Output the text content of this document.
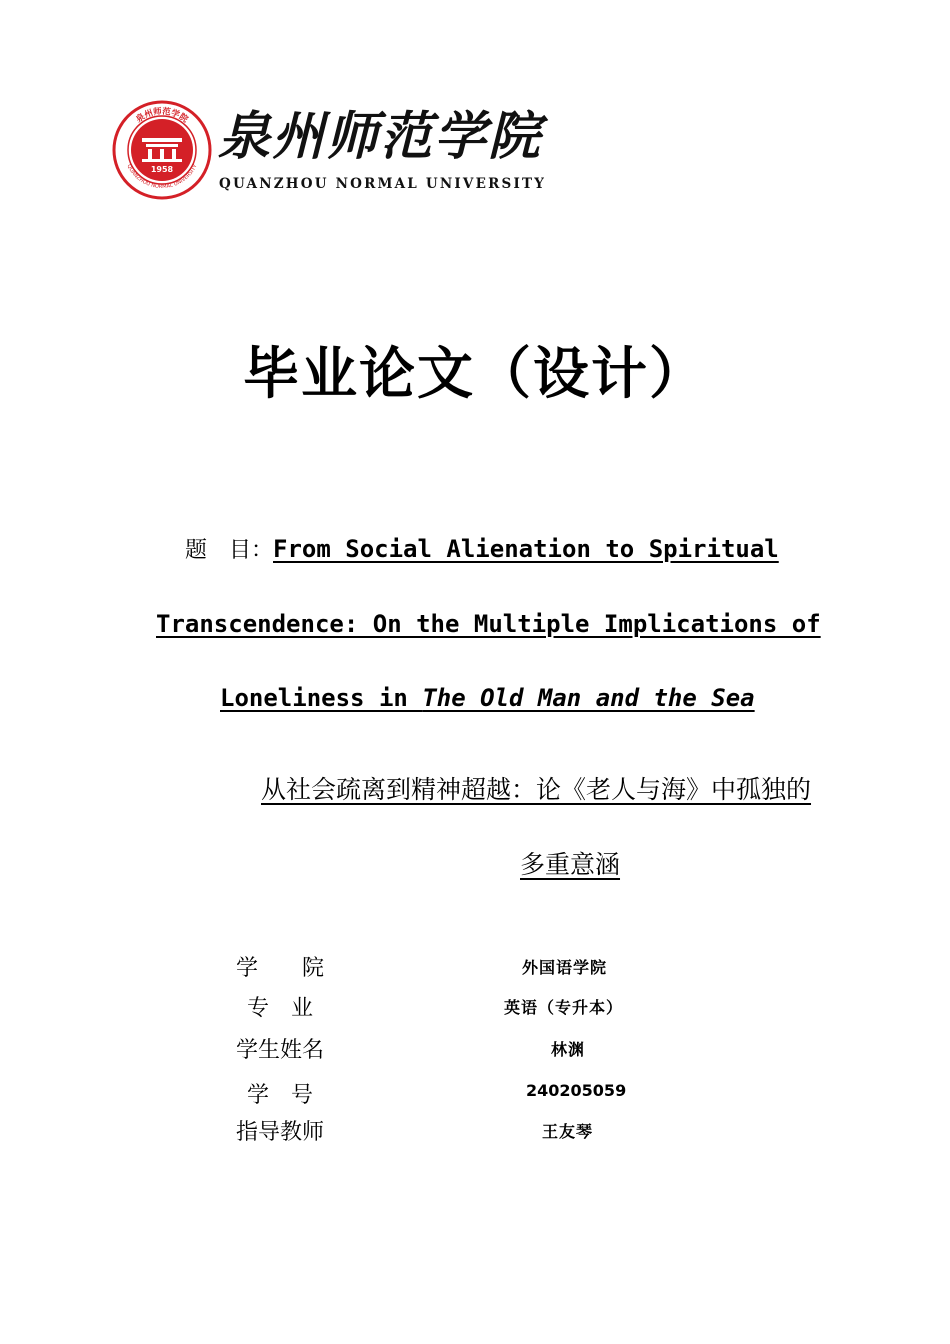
1958
泉州师范学院
QUANZHOU NORMAL UNIVERSITY 泉州师范学院
QUANZHOU NORMAL UNIVERSITY
毕业论文（设计）
题　目：From Social Alienation to Spiritual
Transcendence: On the Multiple Implications of
Loneliness in The Old Man and the Sea
从社会疏离到精神超越：论《老人与海》中孤独的
多重意涵
学　　院	外国语学院
专　业	英语（专升本）
学生姓名	林渊
学　号	240205059
指导教师	王友琴
